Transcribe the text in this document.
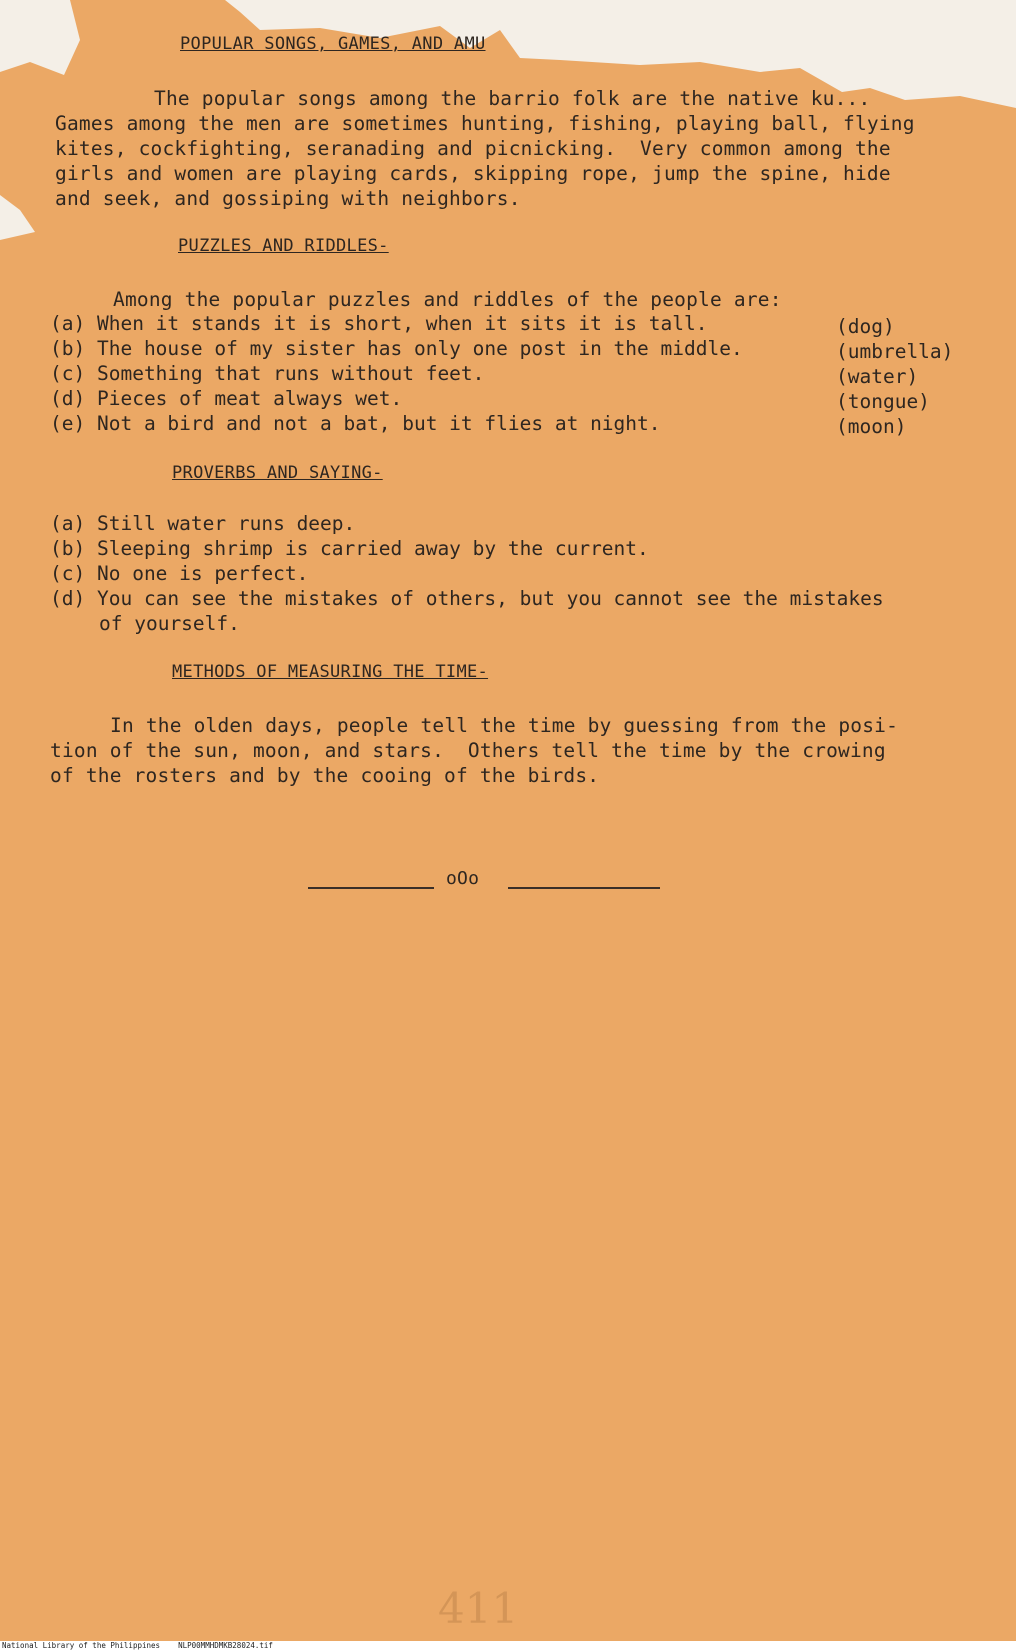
POPULAR SONGS, GAMES, AND AMU
The popular songs among the barrio folk are the native ku...
Games among the men are sometimes hunting, fishing, playing ball, flying
kites, cockfighting, seranading and picnicking.  Very common among the
girls and women are playing cards, skipping rope, jump the spine, hide
and seek, and gossiping with neighbors.
PUZZLES AND RIDDLES-
Among the popular puzzles and riddles of the people are:
(a) When it stands it is short, when it sits it is tall.	(dog)
(b) The house of my sister has only one post in the middle.	(umbrella)
(c) Something that runs without feet.	(water)
(d) Pieces of meat always wet.	(tongue)
(e) Not a bird and not a bat, but it flies at night.	(moon)
PROVERBS AND SAYING-
(a) Still water runs deep.
(b) Sleeping shrimp is carried away by the current.
(c) No one is perfect.
(d) You can see the mistakes of others, but you cannot see the mistakes
of yourself.
METHODS OF MEASURING THE TIME-
In the olden days, people tell the time by guessing from the posi-
tion of the sun, moon, and stars.  Others tell the time by the crowing
of the rosters and by the cooing of the birds.
oOo
411
National Library of the Philippines    NLP00MMHDMKB28024.tif
